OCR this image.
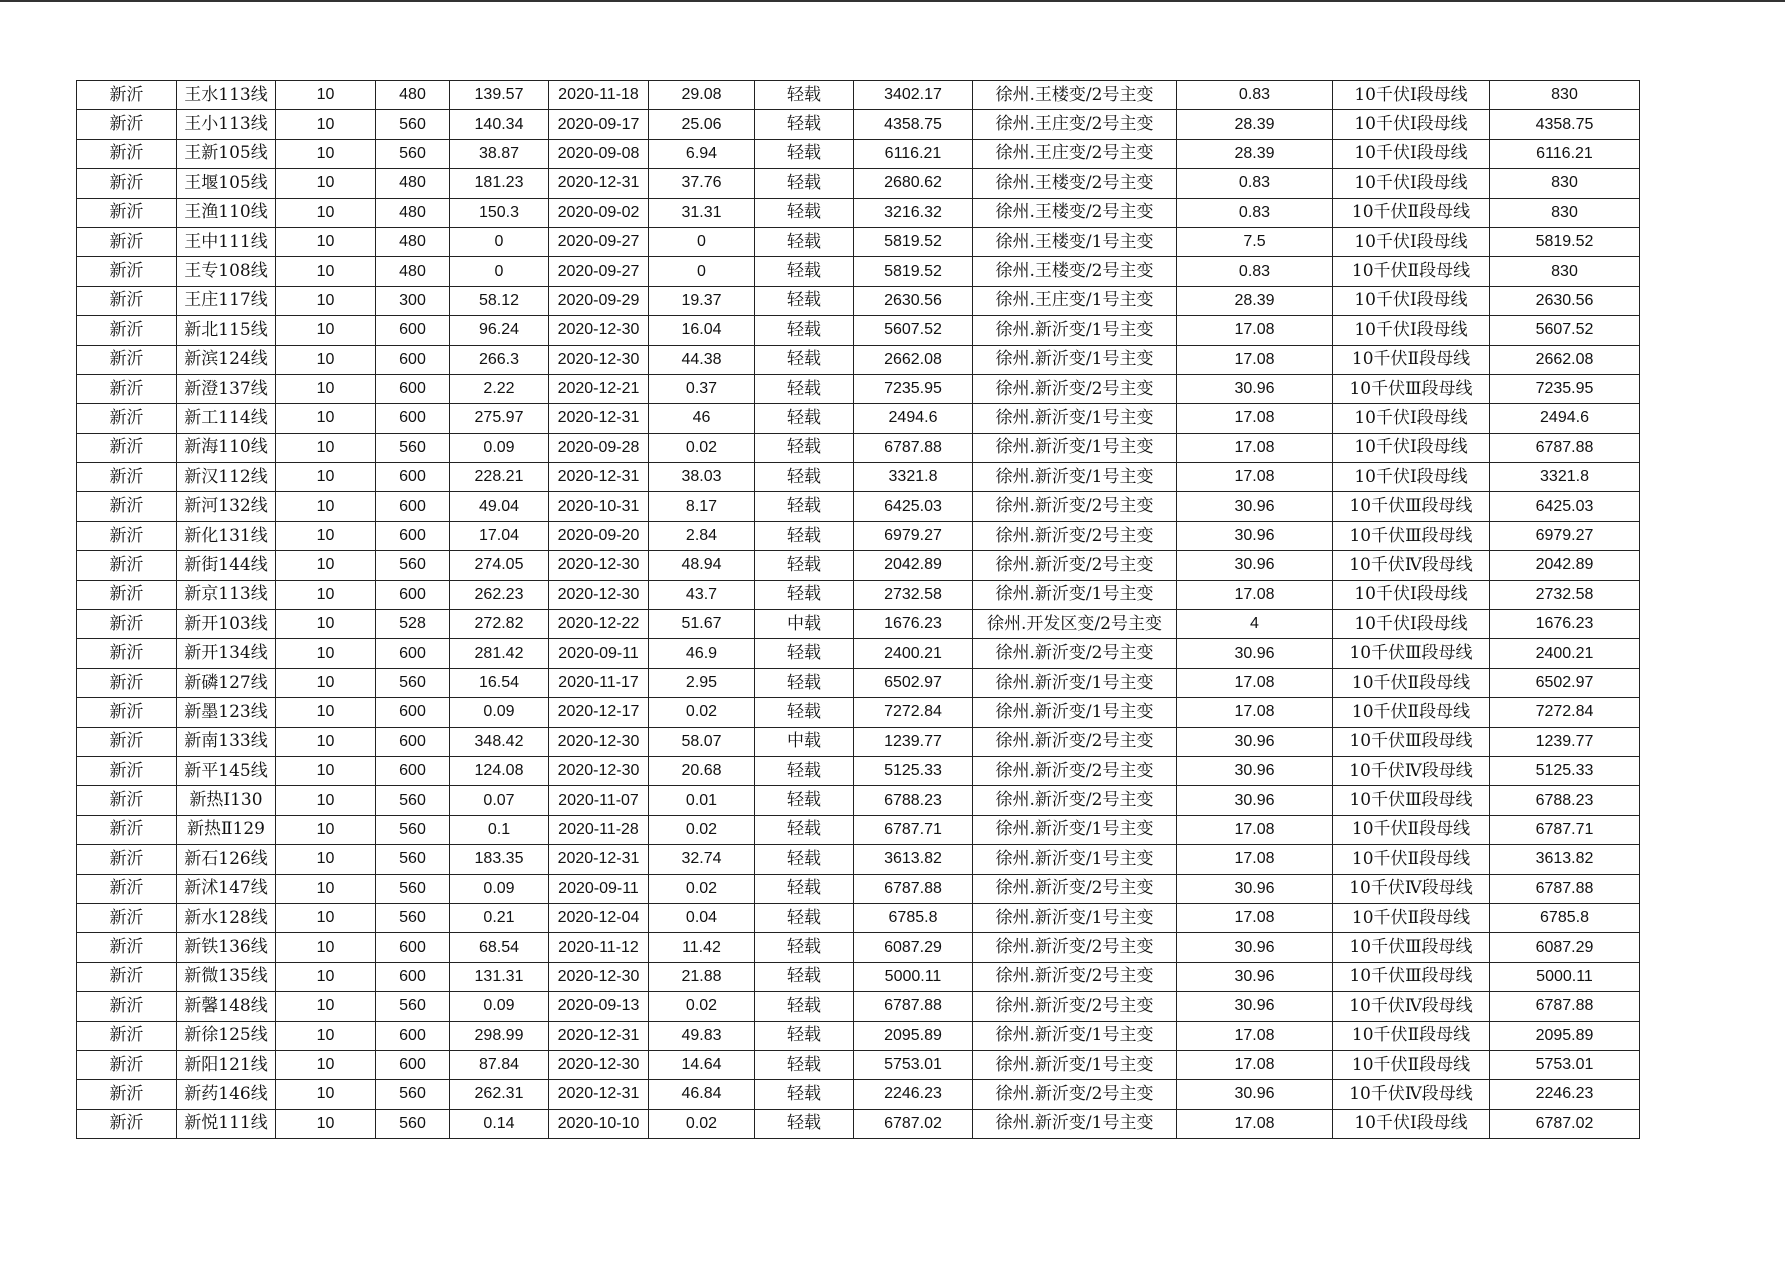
新沂	王水113线	10	480	139.57	2020-11-18	29.08	轻载	3402.17	徐州.王楼变/2号主变	0.83	10千伏Ⅰ段母线	830
新沂	王小113线	10	560	140.34	2020-09-17	25.06	轻载	4358.75	徐州.王庄变/2号主变	28.39	10千伏Ⅰ段母线	4358.75
新沂	王新105线	10	560	38.87	2020-09-08	6.94	轻载	6116.21	徐州.王庄变/2号主变	28.39	10千伏Ⅰ段母线	6116.21
新沂	王堰105线	10	480	181.23	2020-12-31	37.76	轻载	2680.62	徐州.王楼变/2号主变	0.83	10千伏Ⅰ段母线	830
新沂	王渔110线	10	480	150.3	2020-09-02	31.31	轻载	3216.32	徐州.王楼变/2号主变	0.83	10千伏Ⅱ段母线	830
新沂	王中111线	10	480	0	2020-09-27	0	轻载	5819.52	徐州.王楼变/1号主变	7.5	10千伏Ⅰ段母线	5819.52
新沂	王专108线	10	480	0	2020-09-27	0	轻载	5819.52	徐州.王楼变/2号主变	0.83	10千伏Ⅱ段母线	830
新沂	王庄117线	10	300	58.12	2020-09-29	19.37	轻载	2630.56	徐州.王庄变/1号主变	28.39	10千伏Ⅰ段母线	2630.56
新沂	新北115线	10	600	96.24	2020-12-30	16.04	轻载	5607.52	徐州.新沂变/1号主变	17.08	10千伏Ⅰ段母线	5607.52
新沂	新滨124线	10	600	266.3	2020-12-30	44.38	轻载	2662.08	徐州.新沂变/1号主变	17.08	10千伏Ⅱ段母线	2662.08
新沂	新澄137线	10	600	2.22	2020-12-21	0.37	轻载	7235.95	徐州.新沂变/2号主变	30.96	10千伏Ⅲ段母线	7235.95
新沂	新工114线	10	600	275.97	2020-12-31	46	轻载	2494.6	徐州.新沂变/1号主变	17.08	10千伏Ⅰ段母线	2494.6
新沂	新海110线	10	560	0.09	2020-09-28	0.02	轻载	6787.88	徐州.新沂变/1号主变	17.08	10千伏Ⅰ段母线	6787.88
新沂	新汉112线	10	600	228.21	2020-12-31	38.03	轻载	3321.8	徐州.新沂变/1号主变	17.08	10千伏Ⅰ段母线	3321.8
新沂	新河132线	10	600	49.04	2020-10-31	8.17	轻载	6425.03	徐州.新沂变/2号主变	30.96	10千伏Ⅲ段母线	6425.03
新沂	新化131线	10	600	17.04	2020-09-20	2.84	轻载	6979.27	徐州.新沂变/2号主变	30.96	10千伏Ⅲ段母线	6979.27
新沂	新街144线	10	560	274.05	2020-12-30	48.94	轻载	2042.89	徐州.新沂变/2号主变	30.96	10千伏Ⅳ段母线	2042.89
新沂	新京113线	10	600	262.23	2020-12-30	43.7	轻载	2732.58	徐州.新沂变/1号主变	17.08	10千伏Ⅰ段母线	2732.58
新沂	新开103线	10	528	272.82	2020-12-22	51.67	中载	1676.23	徐州.开发区变/2号主变	4	10千伏Ⅰ段母线	1676.23
新沂	新开134线	10	600	281.42	2020-09-11	46.9	轻载	2400.21	徐州.新沂变/2号主变	30.96	10千伏Ⅲ段母线	2400.21
新沂	新磷127线	10	560	16.54	2020-11-17	2.95	轻载	6502.97	徐州.新沂变/1号主变	17.08	10千伏Ⅱ段母线	6502.97
新沂	新墨123线	10	600	0.09	2020-12-17	0.02	轻载	7272.84	徐州.新沂变/1号主变	17.08	10千伏Ⅱ段母线	7272.84
新沂	新南133线	10	600	348.42	2020-12-30	58.07	中载	1239.77	徐州.新沂变/2号主变	30.96	10千伏Ⅲ段母线	1239.77
新沂	新平145线	10	600	124.08	2020-12-30	20.68	轻载	5125.33	徐州.新沂变/2号主变	30.96	10千伏Ⅳ段母线	5125.33
新沂	新热Ⅰ130	10	560	0.07	2020-11-07	0.01	轻载	6788.23	徐州.新沂变/2号主变	30.96	10千伏Ⅲ段母线	6788.23
新沂	新热Ⅱ129	10	560	0.1	2020-11-28	0.02	轻载	6787.71	徐州.新沂变/1号主变	17.08	10千伏Ⅱ段母线	6787.71
新沂	新石126线	10	560	183.35	2020-12-31	32.74	轻载	3613.82	徐州.新沂变/1号主变	17.08	10千伏Ⅱ段母线	3613.82
新沂	新沭147线	10	560	0.09	2020-09-11	0.02	轻载	6787.88	徐州.新沂变/2号主变	30.96	10千伏Ⅳ段母线	6787.88
新沂	新水128线	10	560	0.21	2020-12-04	0.04	轻载	6785.8	徐州.新沂变/1号主变	17.08	10千伏Ⅱ段母线	6785.8
新沂	新铁136线	10	600	68.54	2020-11-12	11.42	轻载	6087.29	徐州.新沂变/2号主变	30.96	10千伏Ⅲ段母线	6087.29
新沂	新微135线	10	600	131.31	2020-12-30	21.88	轻载	5000.11	徐州.新沂变/2号主变	30.96	10千伏Ⅲ段母线	5000.11
新沂	新馨148线	10	560	0.09	2020-09-13	0.02	轻载	6787.88	徐州.新沂变/2号主变	30.96	10千伏Ⅳ段母线	6787.88
新沂	新徐125线	10	600	298.99	2020-12-31	49.83	轻载	2095.89	徐州.新沂变/1号主变	17.08	10千伏Ⅱ段母线	2095.89
新沂	新阳121线	10	600	87.84	2020-12-30	14.64	轻载	5753.01	徐州.新沂变/1号主变	17.08	10千伏Ⅱ段母线	5753.01
新沂	新药146线	10	560	262.31	2020-12-31	46.84	轻载	2246.23	徐州.新沂变/2号主变	30.96	10千伏Ⅳ段母线	2246.23
新沂	新悦111线	10	560	0.14	2020-10-10	0.02	轻载	6787.02	徐州.新沂变/1号主变	17.08	10千伏Ⅰ段母线	6787.02
